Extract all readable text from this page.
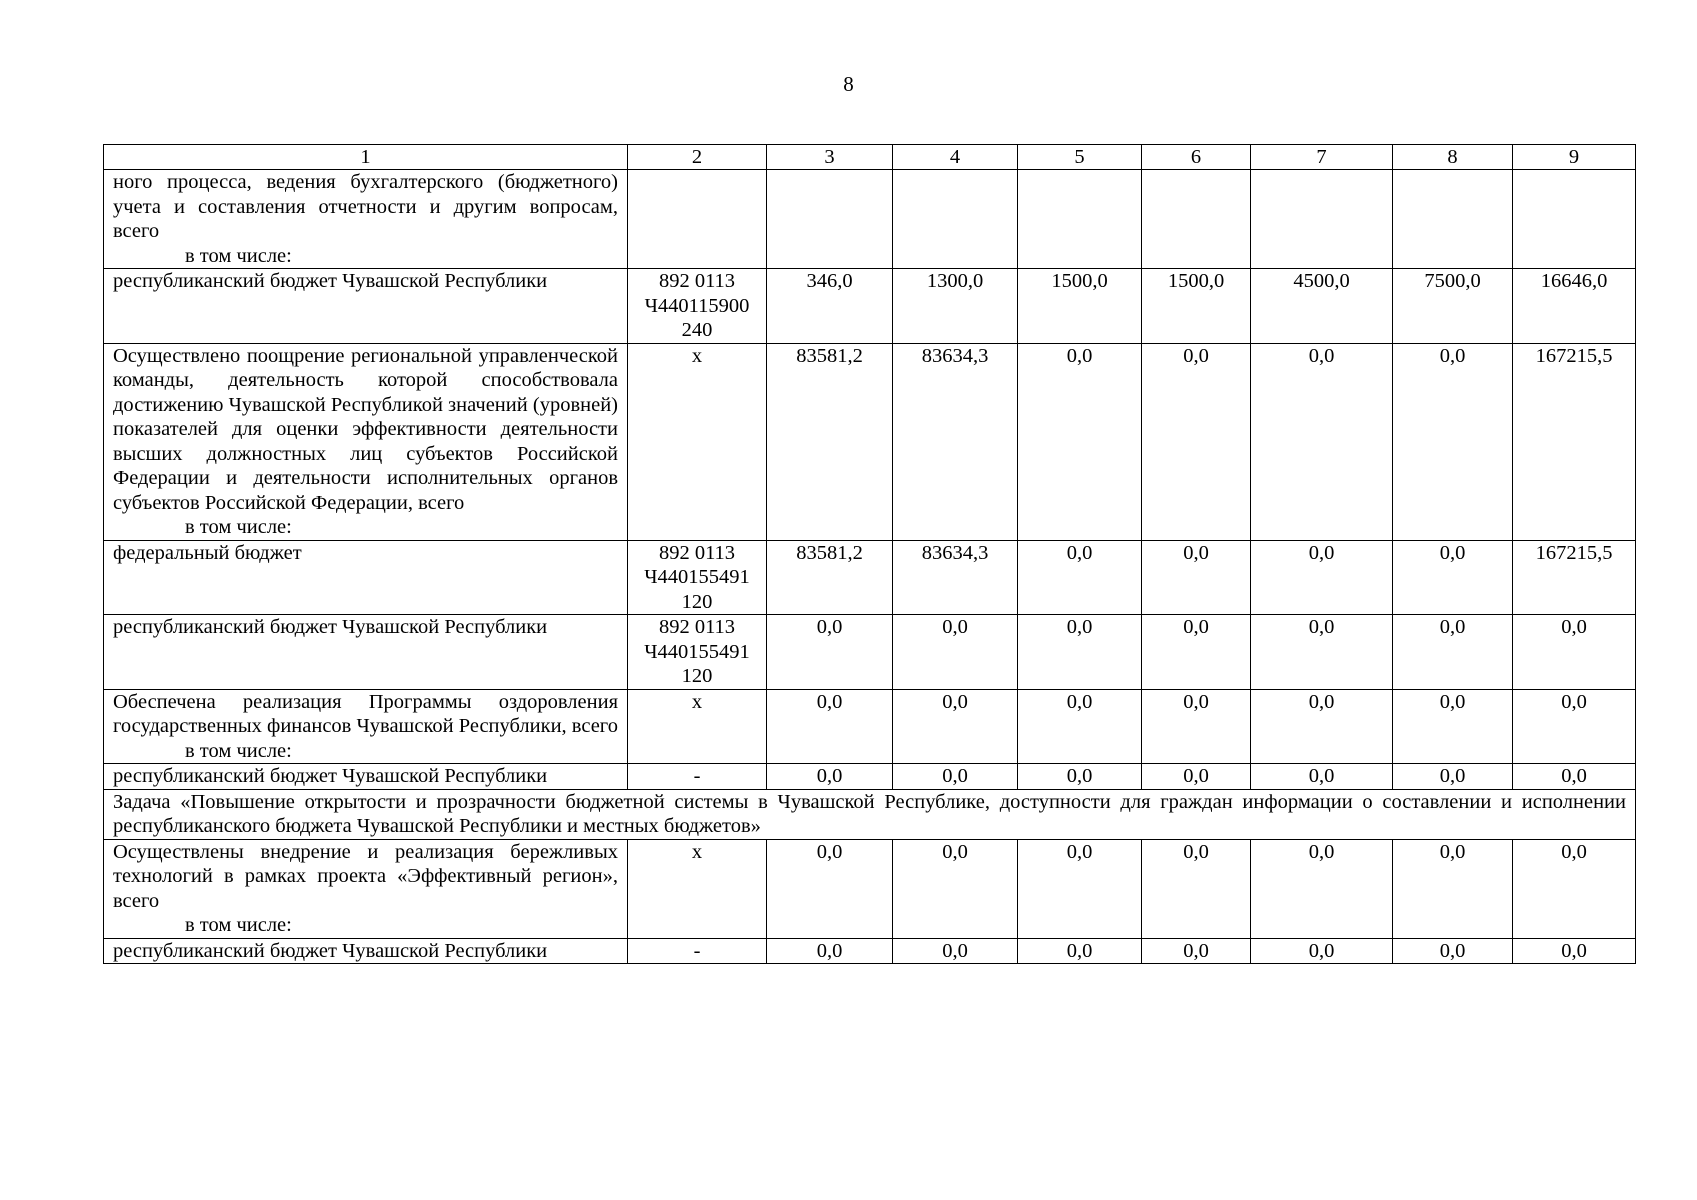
8
1	2	3	4	5	6	7	8	9
ного процесса, ведения бухгалтерского (бюджетного) учета и составления отчетности и другим вопросам, всего
в том числе:								

республиканский бюджет Чувашской Республики	892 0113
Ч440115900
240	346,0	1300,0	1500,0	1500,0	4500,0	7500,0	16646,0
Осуществлено поощрение региональной управленческой команды, деятельность которой способствовала достижению Чувашской Республикой значений (уровней) показателей для оценки эффективности деятельности высших должностных лиц субъектов Российской Федерации и деятельности исполнительных органов субъектов Российской Федерации, всего
в том числе:	х	83581,2	83634,3	0,0	0,0	0,0	0,0	167215,5
федеральный бюджет	892 0113
Ч440155491
120	83581,2	83634,3	0,0	0,0	0,0	0,0	167215,5
республиканский бюджет Чувашской Республики	892 0113
Ч440155491
120	0,0	0,0	0,0	0,0	0,0	0,0	0,0
Обеспечена реализация Программы оздоровления государственных финансов Чувашской Республики, всего
в том числе:	х	0,0	0,0	0,0	0,0	0,0	0,0	0,0
республиканский бюджет Чувашской Республики	-	0,0	0,0	0,0	0,0	0,0	0,0	0,0
Задача «Повышение открытости и прозрачности бюджетной системы в Чувашской Республике, доступности для граждан информации о составлении и исполнении республиканского бюджета Чувашской Республики и местных бюджетов»								
Осуществлены внедрение и реализация бережливых технологий в рамках проекта «Эффективный регион», всего
в том числе:	х	0,0	0,0	0,0	0,0	0,0	0,0	0,0
республиканский бюджет Чувашской Республики	-	0,0	0,0	0,0	0,0	0,0	0,0	0,0
